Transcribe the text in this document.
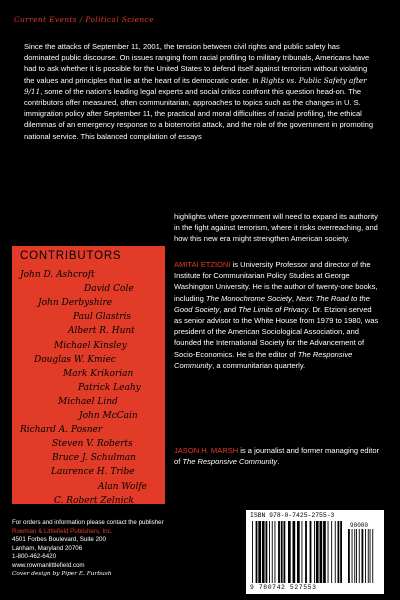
Current Events / Political Science
Since the attacks of September 11, 2001, the tension between civil rights and public safety has dominated public discourse. On issues ranging from racial profiling to military tribunals, Americans have had to ask whether it is possible for the United States to defend itself against terrorism without violating the values and principles that lie at the heart of its democratic order. In Rights vs. Public Safety after 9/11, some of the nation's leading legal experts and social critics confront this question head-on. The contributors offer measured, often communitarian, approaches to topics such as the changes in U. S. immigration policy after September 11, the practical and moral difficulties of racial profiling, the ethical dilemmas of an emergency response to a bioterrorist attack, and the role of the government in promoting national service. This balanced compilation of essays
highlights where government will need to expand its authority in the fight against terrorism, where it risks overreaching, and how this new era might strengthen American society.
CONTRIBUTORS
John D. Ashcroft
David Cole
John Derbyshire
Paul Glastris
Albert R. Hunt
Michael Kinsley
Douglas W. Kmiec
Mark Krikorian
Patrick Leahy
Michael Lind
John McCain
Richard A. Posner
Steven V. Roberts
Bruce J. Schulman
Laurence H. Tribe
Alan Wolfe
C. Robert Zelnick
AMITAI ETZIONI is University Professor and director of the Institute for Communitarian Policy Studies at George Washington University. He is the author of twenty-one books, including The Monochrome Society, Next: The Road to the Good Society, and The Limits of Privacy. Dr. Etzioni served as senior advisor to the White House from 1979 to 1980, was president of the American Sociological Association, and founded the International Society for the Advancement of Socio-Economics. He is the editor of The Responsive Community, a communitarian quarterly.
JASON H. MARSH is a journalist and former managing editor of The Responsive Community.
For orders and information please contact the publisher
Rowman & Littlefield Publishers, Inc.
4501 Forbes Boulevard, Suite 200
Lanham, Maryland 20706
1-800-462-6420
www.rowmanlittlefield.com
Cover design by Piper E. Furbush
ISBN 978-0-7425-2755-3
90000
9 780742 527553
